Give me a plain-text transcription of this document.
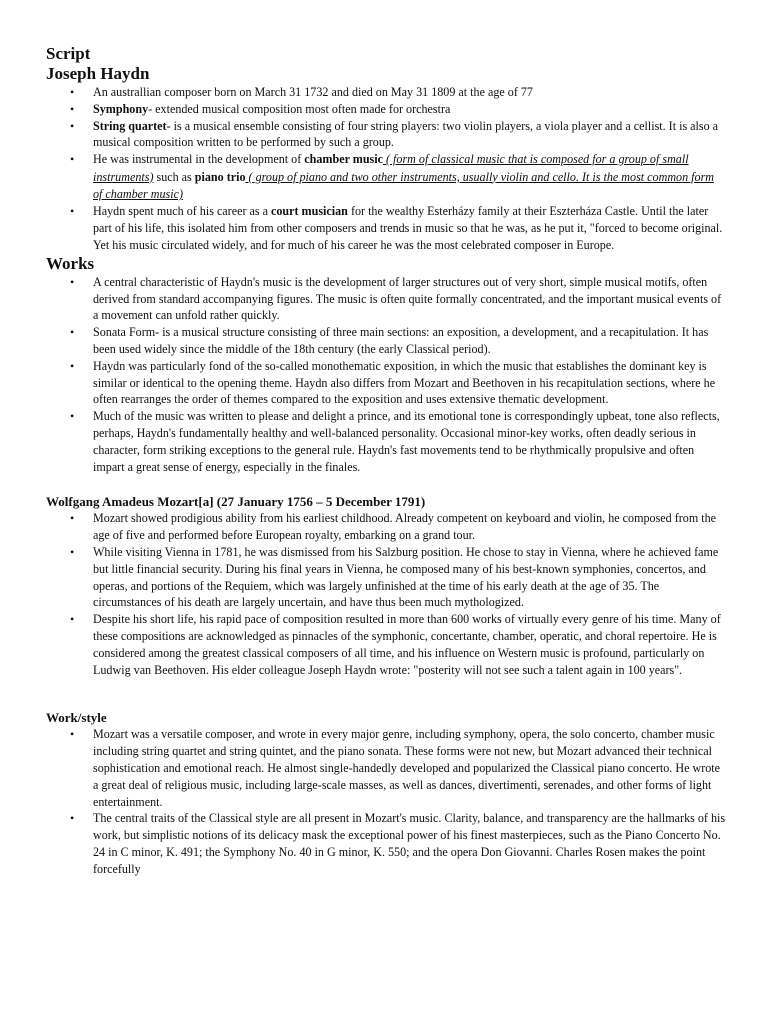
Script
Joseph Haydn
• An australlian composer born on March 31 1732 and died on May 31 1809 at the age of 77
• Symphony- extended musical composition most often made for orchestra
• String quartet- is a musical ensemble consisting of four string players: two violin players, a viola player and a cellist. It is also a musical composition written to be performed by such a group.
• He was instrumental in the development of chamber music ( form of classical music that is composed for a group of small instruments) such as piano trio ( group of piano and two other instruments, usually violin and cello. It is the most common form of chamber music)
• Haydn spent much of his career as a court musician for the wealthy Esterházy family at their Eszterháza Castle. Until the later part of his life, this isolated him from other composers and trends in music so that he was, as he put it, "forced to become original. Yet his music circulated widely, and for much of his career he was the most celebrated composer in Europe.
Works
• A central characteristic of Haydn's music is the development of larger structures out of very short, simple musical motifs, often derived from standard accompanying figures. The music is often quite formally concentrated, and the important musical events of a movement can unfold rather quickly.
• Sonata Form- is a musical structure consisting of three main sections: an exposition, a development, and a recapitulation. It has been used widely since the middle of the 18th century (the early Classical period).
• Haydn was particularly fond of the so-called monothematic exposition, in which the music that establishes the dominant key is similar or identical to the opening theme. Haydn also differs from Mozart and Beethoven in his recapitulation sections, where he often rearranges the order of themes compared to the exposition and uses extensive thematic development.
• Much of the music was written to please and delight a prince, and its emotional tone is correspondingly upbeat, tone also reflects, perhaps, Haydn's fundamentally healthy and well-balanced personality. Occasional minor-key works, often deadly serious in character, form striking exceptions to the general rule. Haydn's fast movements tend to be rhythmically propulsive and often impart a great sense of energy, especially in the finales.
Wolfgang Amadeus Mozart[a] (27 January 1756 – 5 December 1791)
• Mozart showed prodigious ability from his earliest childhood. Already competent on keyboard and violin, he composed from the age of five and performed before European royalty, embarking on a grand tour.
• While visiting Vienna in 1781, he was dismissed from his Salzburg position. He chose to stay in Vienna, where he achieved fame but little financial security. During his final years in Vienna, he composed many of his best-known symphonies, concertos, and operas, and portions of the Requiem, which was largely unfinished at the time of his early death at the age of 35. The circumstances of his death are largely uncertain, and have thus been much mythologized.
• Despite his short life, his rapid pace of composition resulted in more than 600 works of virtually every genre of his time. Many of these compositions are acknowledged as pinnacles of the symphonic, concertante, chamber, operatic, and choral repertoire. He is considered among the greatest classical composers of all time, and his influence on Western music is profound, particularly on Ludwig van Beethoven. His elder colleague Joseph Haydn wrote: "posterity will not see such a talent again in 100 years".
Work/style
• Mozart was a versatile composer, and wrote in every major genre, including symphony, opera, the solo concerto, chamber music including string quartet and string quintet, and the piano sonata. These forms were not new, but Mozart advanced their technical sophistication and emotional reach. He almost single-handedly developed and popularized the Classical piano concerto. He wrote a great deal of religious music, including large-scale masses, as well as dances, divertimenti, serenades, and other forms of light entertainment.
• The central traits of the Classical style are all present in Mozart's music. Clarity, balance, and transparency are the hallmarks of his work, but simplistic notions of its delicacy mask the exceptional power of his finest masterpieces, such as the Piano Concerto No. 24 in C minor, K. 491; the Symphony No. 40 in G minor, K. 550; and the opera Don Giovanni. Charles Rosen makes the point forcefully
